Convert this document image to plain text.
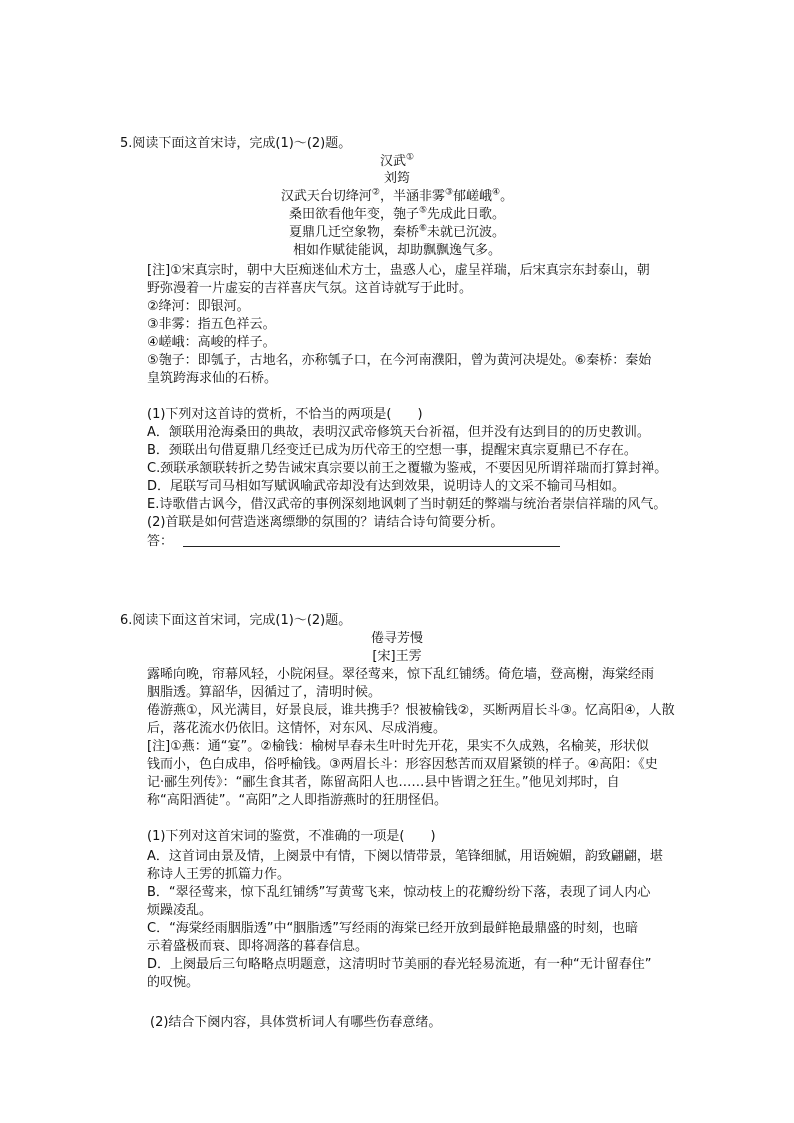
5.阅读下面这首宋诗，完成(1)～(2)题。
汉武①
刘筠
汉武天台切绛河②，半涵非雾③郁嵯峨④。
桑田欲看他年变，匏子⑤先成此日歌。
夏鼎几迁空象物，秦桥⑥未就已沉波。
相如作赋徒能讽，却助飘飘逸气多。
[注]①宋真宗时，朝中大臣痴迷仙术方士，蛊惑人心，虚呈祥瑞，后宋真宗东封泰山，朝
野弥漫着一片虚妄的吉祥喜庆气氛。这首诗就写于此时。
②绛河：即银河。
③非雾：指五色祥云。
④嵯峨：高峻的样子。
⑤匏子：即瓠子，古地名，亦称瓠子口，在今河南濮阳，曾为黄河决堤处。⑥秦桥：秦始
皇筑跨海求仙的石桥。
(1)下列对这首诗的赏析，不恰当的两项是(　　)
A．颔联用沧海桑田的典故，表明汉武帝修筑天台祈福，但并没有达到目的的历史教训。
B．颈联出句借夏鼎几经变迁已成为历代帝王的空想一事，提醒宋真宗夏鼎已不存在。
C.颈联承颔联转折之势告诫宋真宗要以前王之覆辙为鉴戒，不要因见所谓祥瑞而打算封禅。
D．尾联写司马相如写赋讽喻武帝却没有达到效果，说明诗人的文采不输司马相如。
E.诗歌借古讽今，借汉武帝的事例深刻地讽刺了当时朝廷的弊端与统治者崇信祥瑞的风气。
(2)首联是如何营造迷离缥缈的氛围的？请结合诗句简要分析。
答：
6.阅读下面这首宋词，完成(1)～(2)题。
倦寻芳慢
[宋]王雱
露晞向晚，帘幕风轻，小院闲昼。翠径莺来，惊下乱红铺绣。倚危墙，登高榭，海棠经雨
胭脂透。算韶华，因循过了，清明时候。
倦游燕①，风光满目，好景良辰，谁共携手？恨被榆钱②，买断两眉长斗③。忆高阳④，人散
后，落花流水仍依旧。这情怀，对东风、尽成消瘦。
[注]①燕：通“宴”。②榆钱：榆树早春未生叶时先开花，果实不久成熟，名榆荚，形状似
钱而小，色白成串，俗呼榆钱。③两眉长斗：形容因愁苦而双眉紧锁的样子。④高阳：《史
记·郦生列传》：“郦生食其者，陈留高阳人也……县中皆谓之狂生。”他见刘邦时，自
称“高阳酒徒”。“高阳”之人即指游燕时的狂朋怪侣。
(1)下列对这首宋词的鉴赏，不准确的一项是(　　)
A．这首词由景及情，上阕景中有情，下阕以情带景，笔锋细腻，用语婉媚，韵致翩翩，堪
称诗人王雱的抓篇力作。
B．“翠径莺来，惊下乱红铺绣”写黄莺飞来，惊动枝上的花瓣纷纷下落，表现了词人内心
烦躁凌乱。
C．“海棠经雨胭脂透”中“胭脂透”写经雨的海棠已经开放到最鲜艳最鼎盛的时刻，也暗
示着盛极而衰、即将凋落的暮春信息。
D．上阕最后三句略略点明题意，这清明时节美丽的春光轻易流逝，有一种“无计留春住”
的叹惋。
(2)结合下阕内容，具体赏析词人有哪些伤春意绪。
